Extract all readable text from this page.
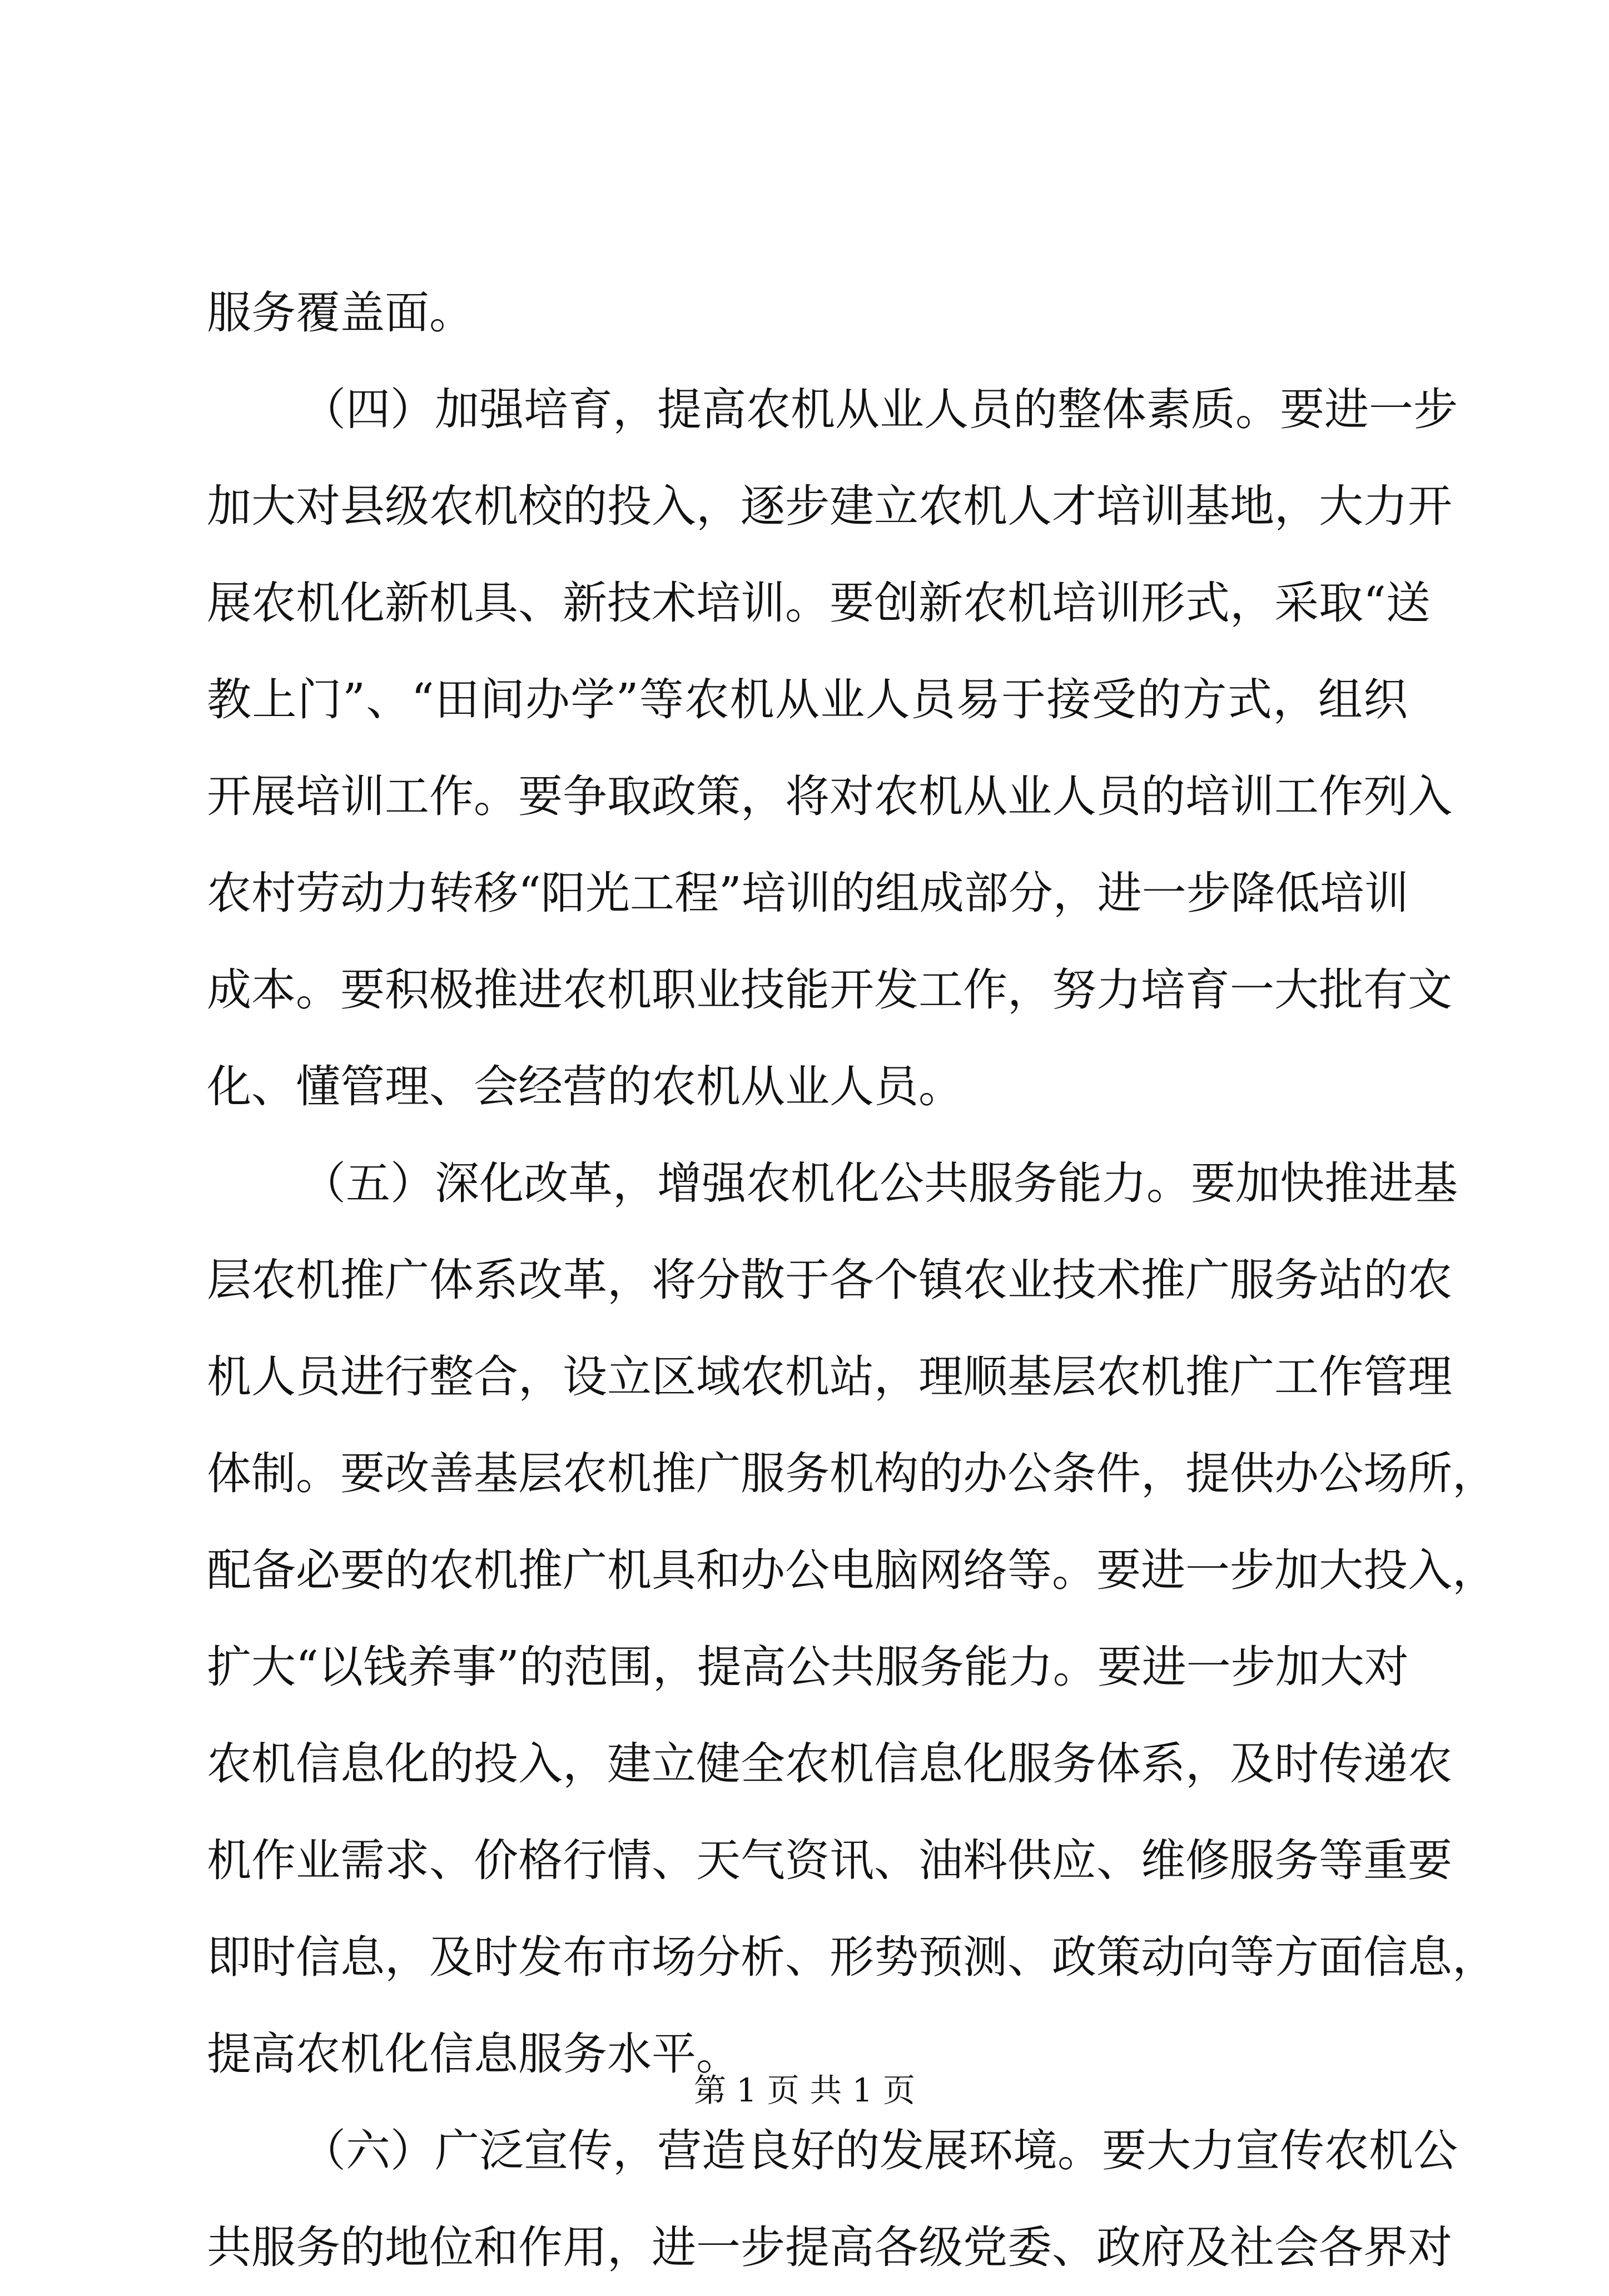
服务覆盖面。
（四）加强培育，提高农机从业人员的整体素质。要进一步
加大对县级农机校的投入，逐步建立农机人才培训基地，大力开
展农机化新机具、新技术培训。要创新农机培训形式，采取“送
教上门”、“田间办学”等农机从业人员易于接受的方式，组织
开展培训工作。要争取政策，将对农机从业人员的培训工作列入
农村劳动力转移“阳光工程”培训的组成部分，进一步降低培训
成本。要积极推进农机职业技能开发工作，努力培育一大批有文
化、懂管理、会经营的农机从业人员。
（五）深化改革，增强农机化公共服务能力。要加快推进基
层农机推广体系改革，将分散于各个镇农业技术推广服务站的农
机人员进行整合，设立区域农机站，理顺基层农机推广工作管理
体制。要改善基层农机推广服务机构的办公条件，提供办公场所，
配备必要的农机推广机具和办公电脑网络等。要进一步加大投入，
扩大“以钱养事”的范围，提高公共服务能力。要进一步加大对
农机信息化的投入，建立健全农机信息化服务体系，及时传递农
机作业需求、价格行情、天气资讯、油料供应、维修服务等重要
即时信息，及时发布市场分析、形势预测、政策动向等方面信息，
提高农机化信息服务水平。
（六）广泛宣传，营造良好的发展环境。要大力宣传农机公
共服务的地位和作用，进一步提高各级党委、政府及社会各界对
第 1 页 共 1 页
